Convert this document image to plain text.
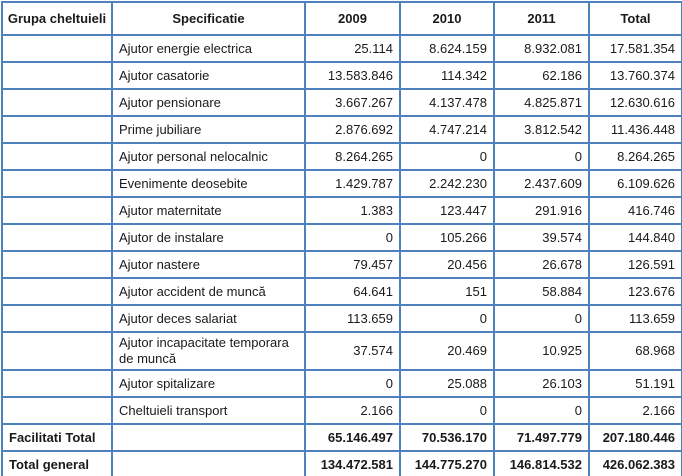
Grupa cheltuieli	Specificatie	2009	2010	2011	Total
	Ajutor energie electrica	25.114	8.624.159	8.932.081	17.581.354
	Ajutor casatorie	13.583.846	114.342	62.186	13.760.374
	Ajutor pensionare	3.667.267	4.137.478	4.825.871	12.630.616
	Prime jubiliare	2.876.692	4.747.214	3.812.542	11.436.448
	Ajutor personal nelocalnic	8.264.265	0	0	8.264.265
	Evenimente deosebite	1.429.787	2.242.230	2.437.609	6.109.626
	Ajutor maternitate	1.383	123.447	291.916	416.746
	Ajutor de instalare	0	105.266	39.574	144.840
	Ajutor nastere	79.457	20.456	26.678	126.591
	Ajutor accident de muncă	64.641	151	58.884	123.676
	Ajutor deces salariat	113.659	0	0	113.659
	Ajutor incapacitate temporara de muncă	37.574	20.469	10.925	68.968
	Ajutor spitalizare	0	25.088	26.103	51.191
	Cheltuieli transport	2.166	0	0	2.166
Facilitati Total		65.146.497	70.536.170	71.497.779	207.180.446
Total general		134.472.581	144.775.270	146.814.532	426.062.383
